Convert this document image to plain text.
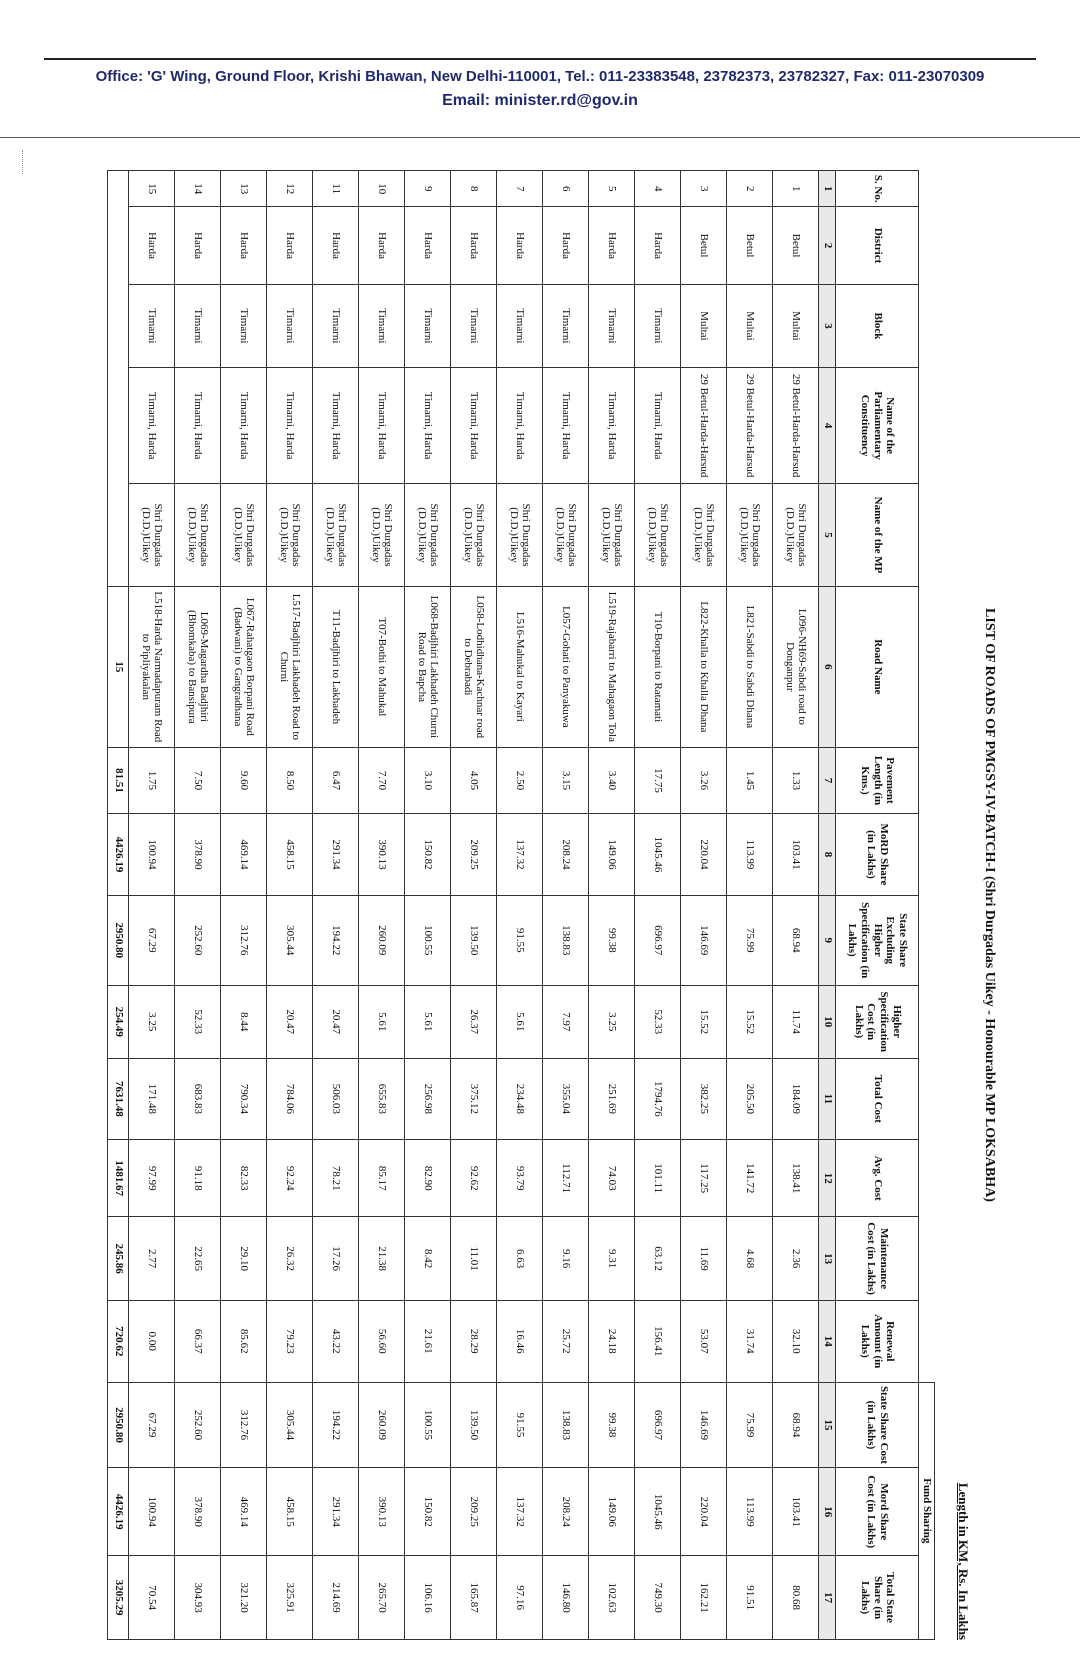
Office: 'G' Wing, Ground Floor, Krishi Bhawan, New Delhi-110001, Tel.: 011-23383548, 23782373, 23782327, Fax: 011-23070309
Email: minister.rd@gov.in
LIST OF ROADS OF PMGSY-IV-BATCH-I (Shri Durgadas Uikey - Honourable MP LOKSABHA)
Length in KM, Rs. In Lakhs
														Fund Sharing		
S. No.	District	Block	Name of the Parliamentary Constituency	Name of the MP	Road Name	Pavement Length (in Kms.)	MoRD Share (in Lakhs)	State Share Excluding Higher Specification (in Lakhs)	Higher Specification Cost (in Lakhs)	Total Cost	Avg. Cost	Maintenance Cost (in Lakhs)	Renewal Amount (in Lakhs)	State Share Cost (in Lakhs)	Mord Share Cost (in Lakhs)	Total State Share (in Lakhs)
1	2	3	4	5	6	7	8	9	10	11	12	13	14	15	16	17
1	Betul	Multai	29 Betul-Harda-Harsud	Shri Durgadas (D.D.)Uikey	L096-NH69-Sabdi road to Donganpur	1.33	103.41	68.94	11.74	184.09	138.41	2.36	32.10	68.94	103.41	80.68
2	Betul	Multai	29 Betul-Harda-Harsud	Shri Durgadas (D.D.)Uikey	L821-Sabdi to Sabdi Dhana	1.45	113.99	75.99	15.52	205.50	141.72	4.68	31.74	75.99	113.99	91.51
3	Betul	Multai	29 Betul-Harda-Harsud	Shri Durgadas (D.D.)Uikey	L822-Khalla to Khalla Dhana	3.26	220.04	146.69	15.52	382.25	117.25	11.69	53.07	146.69	220.04	162.21
4	Harda	Timarni	Timarni, Harda	Shri Durgadas (D.D.)Uikey	T10-Borpani to Ratamati	17.75	1045.46	696.97	52.33	1794.76	101.11	63.12	156.41	696.97	1045.46	749.30
5	Harda	Timarni	Timarni, Harda	Shri Durgadas (D.D.)Uikey	L519-Rajabarri to Mahagaon Tola	3.40	149.06	99.38	3.25	251.69	74.03	9.31	24.18	99.38	149.06	102.63
6	Harda	Timarni	Timarni, Harda	Shri Durgadas (D.D.)Uikey	L057-Gohati to Panyakuwa	3.15	208.24	138.83	7.97	355.04	112.71	9.16	25.72	138.83	208.24	146.80
7	Harda	Timarni	Timarni, Harda	Shri Durgadas (D.D.)Uikey	L516-Mahukal to Kayari	2.50	137.32	91.55	5.61	234.48	93.79	6.63	16.46	91.55	137.32	97.16
8	Harda	Timarni	Timarni, Harda	Shri Durgadas (D.D.)Uikey	L058-Lodhidhana-Kachnar road to Debrabadi	4.05	209.25	139.50	26.37	375.12	92.62	11.01	28.29	139.50	209.25	165.87
9	Harda	Timarni	Timarni, Harda	Shri Durgadas (D.D.)Uikey	L068-Badjhiri Lakhadeh Churni Road to Bapcha	3.10	150.82	100.55	5.61	256.98	82.90	8.42	21.61	100.55	150.82	106.16
10	Harda	Timarni	Timarni, Harda	Shri Durgadas (D.D.)Uikey	T07-Bothi to Mahukal	7.70	390.13	260.09	5.61	655.83	85.17	21.38	56.60	260.09	390.13	265.70
11	Harda	Timarni	Timarni, Harda	Shri Durgadas (D.D.)Uikey	T11-Badjhiri to Lakhadeh	6.47	291.34	194.22	20.47	506.03	78.21	17.26	43.22	194.22	291.34	214.69
12	Harda	Timarni	Timarni, Harda	Shri Durgadas (D.D.)Uikey	L517-Badjhiri Lakhadeh Road to Churni	8.50	458.15	305.44	20.47	784.06	92.24	26.32	79.23	305.44	458.15	325.91
13	Harda	Timarni	Timarni, Harda	Shri Durgadas (D.D.)Uikey	L067-Rahatgaon Borpani Road (Badwani) to Gangradhana	9.60	469.14	312.76	8.44	790.34	82.33	29.10	85.62	312.76	469.14	321.20
14	Harda	Timarni	Timarni, Harda	Shri Durgadas (D.D.)Uikey	L069-Magardha Badjhiri (Bhomkaba) to Bansipura	7.50	378.90	252.60	52.33	683.83	91.18	22.65	66.37	252.60	378.90	304.93
15	Harda	Timarni	Timarni, Harda	Shri Durgadas (D.D.)Uikey	L518-Harda Narmadapuram Road to Pipliyakalan	1.75	100.94	67.29	3.25	171.48	97.99	2.77	0.00	67.29	100.94	70.54
					15	81.51	4426.19	2950.80	254.49	7631.48	1481.67	245.86	720.62	2950.80	4426.19	3205.29
